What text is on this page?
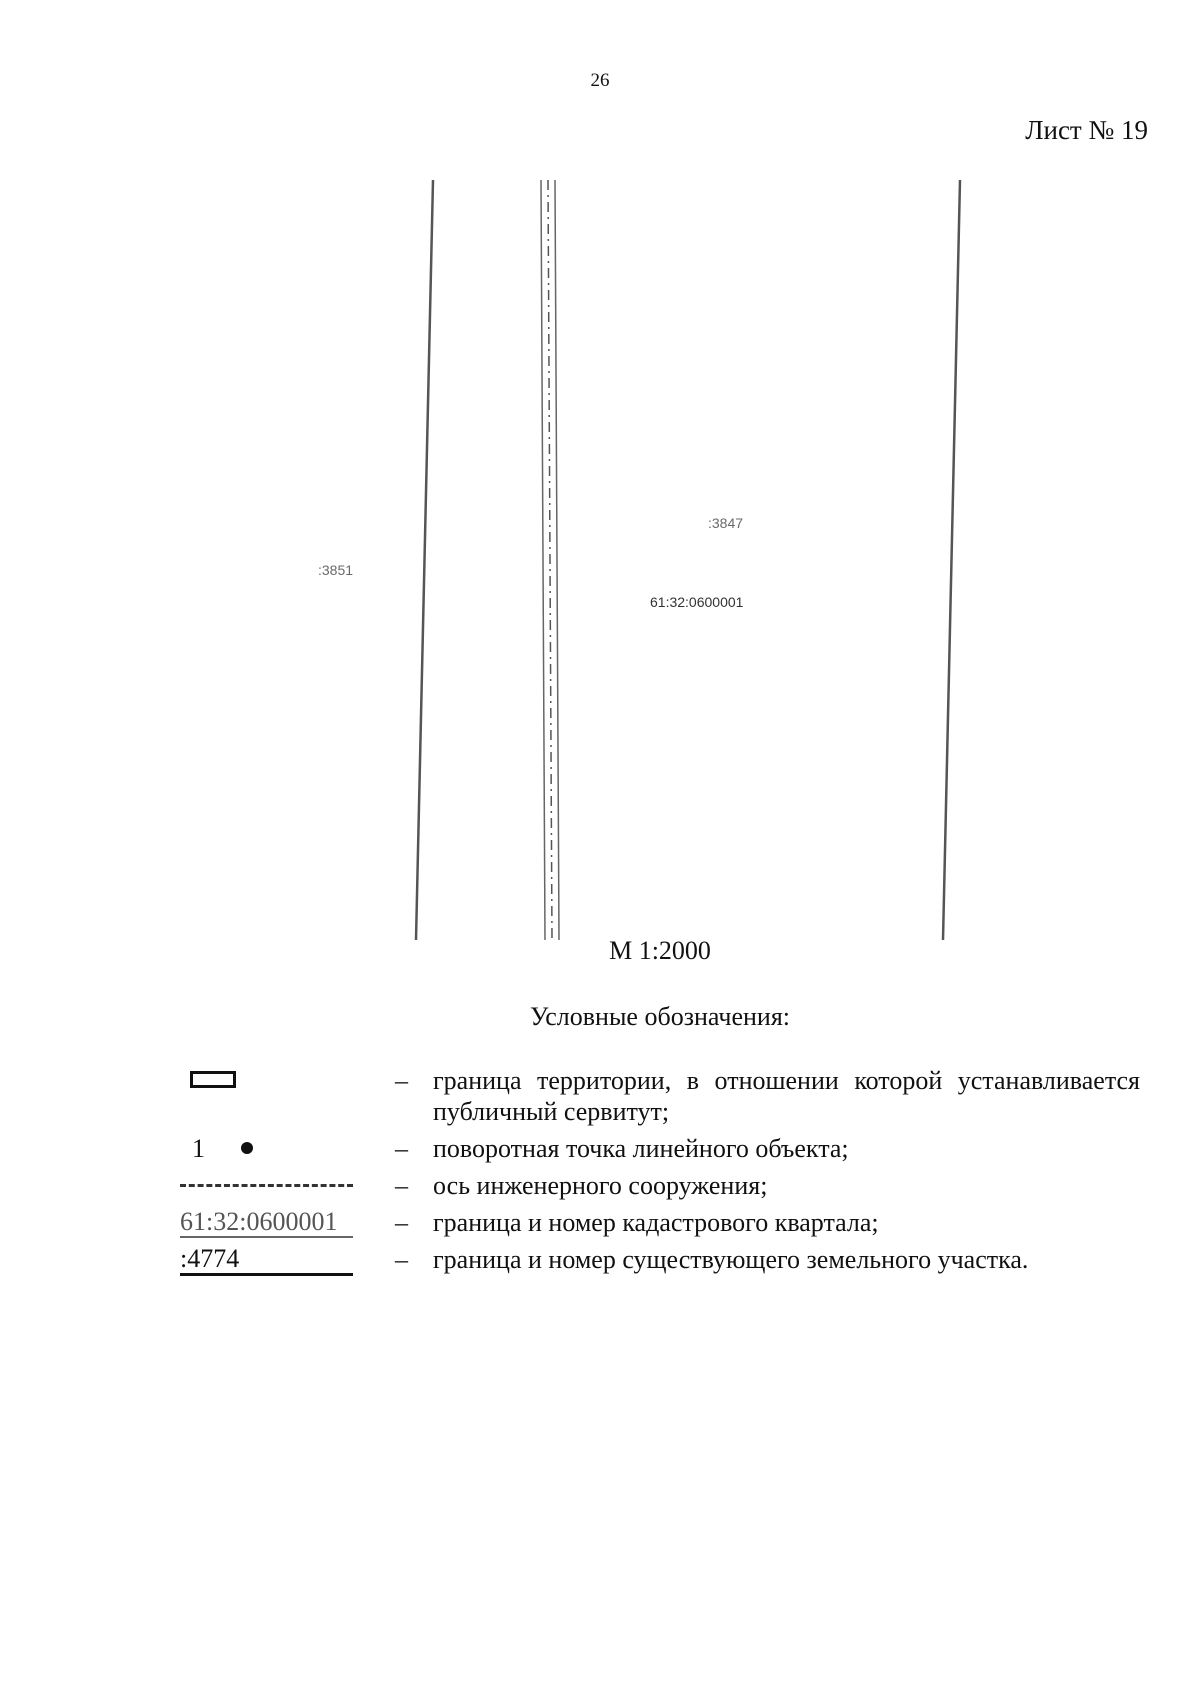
26
Лист № 19
:3851
:3847
61:32:0600001
М 1:2000
Условные обозначения:
– граница территории, в отношении которой устанавливается публичный сервитут;
1	– поворотная точка линейного объекта;
– ось инженерного сооружения;
61:32:0600001	– граница и номер кадастрового квартала;
:4774	– граница и номер существующего земельного участка.
